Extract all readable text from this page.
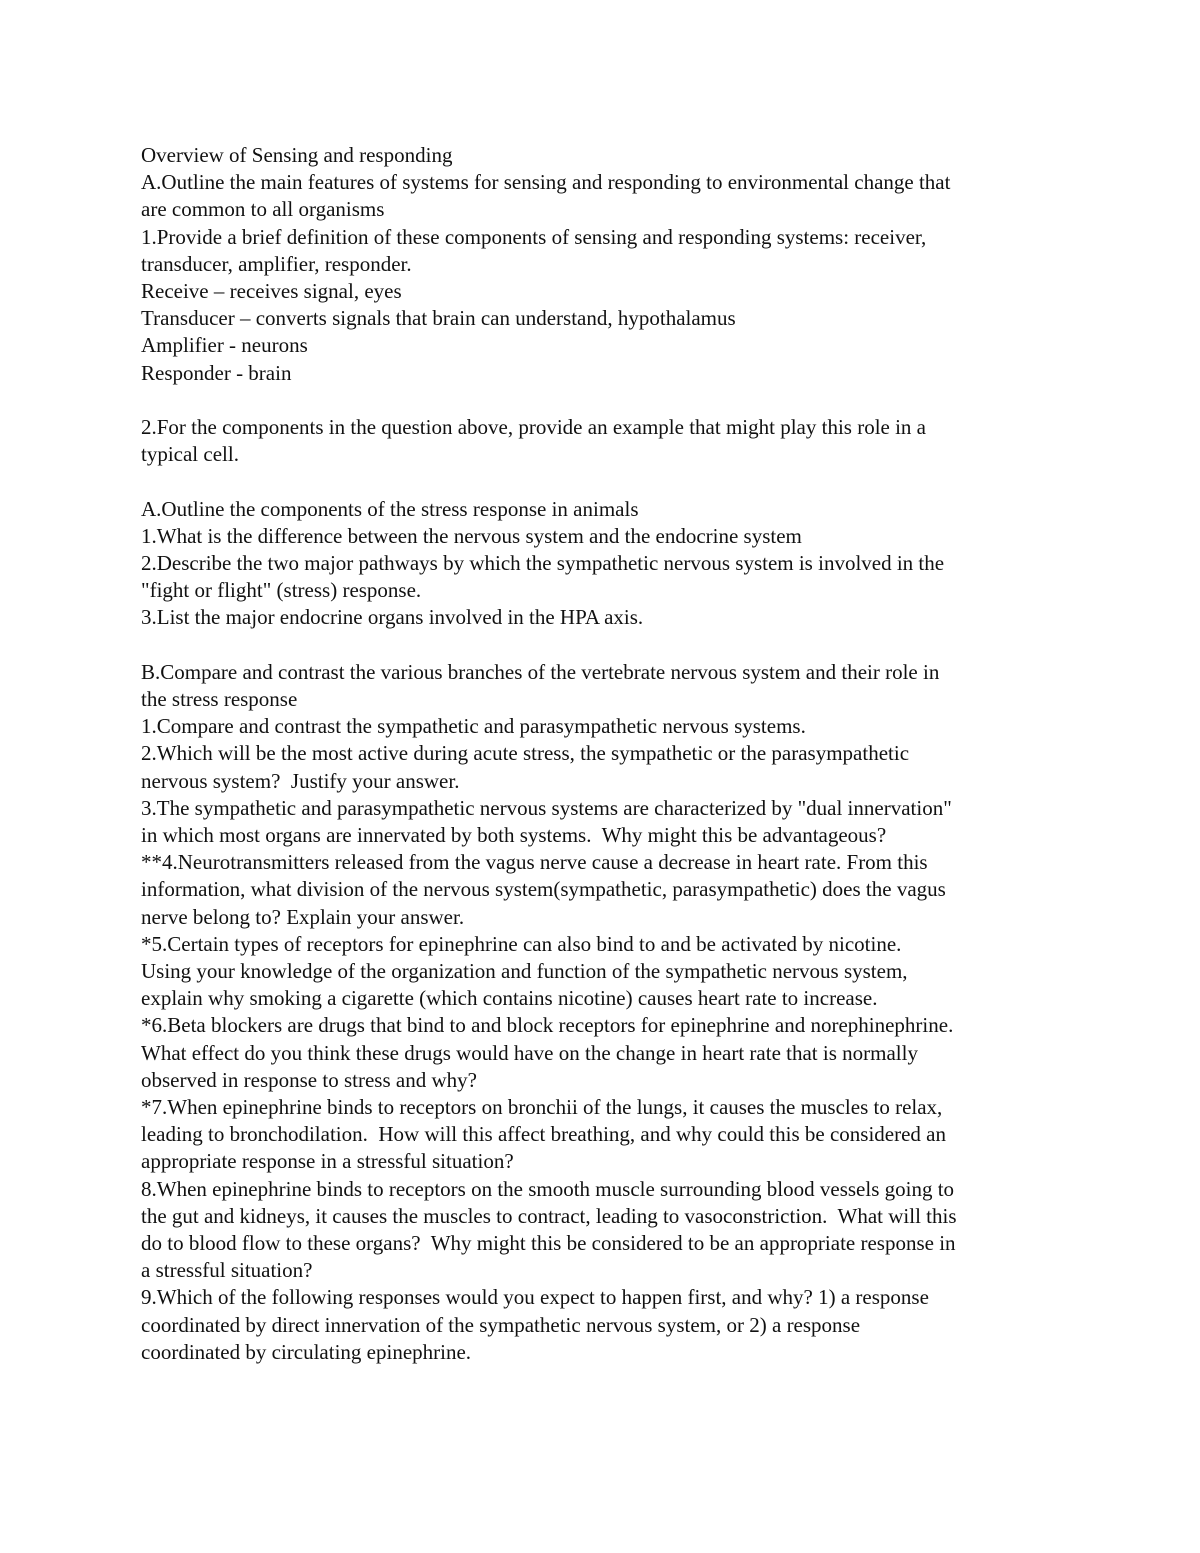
Overview of Sensing and responding
A.Outline the main features of systems for sensing and responding to environmental change that
are common to all organisms
1.Provide a brief definition of these components of sensing and responding systems: receiver,
transducer, amplifier, responder.
Receive – receives signal, eyes
Transducer – converts signals that brain can understand, hypothalamus
Amplifier - neurons
Responder - brain
2.For the components in the question above, provide an example that might play this role in a
typical cell.
A.Outline the components of the stress response in animals
1.What is the difference between the nervous system and the endocrine system
2.Describe the two major pathways by which the sympathetic nervous system is involved in the
"fight or flight" (stress) response.
3.List the major endocrine organs involved in the HPA axis.
B.Compare and contrast the various branches of the vertebrate nervous system and their role in
the stress response
1.Compare and contrast the sympathetic and parasympathetic nervous systems.
2.Which will be the most active during acute stress, the sympathetic or the parasympathetic
nervous system?  Justify your answer.
3.The sympathetic and parasympathetic nervous systems are characterized by "dual innervation"
in which most organs are innervated by both systems.  Why might this be advantageous?
**4.Neurotransmitters released from the vagus nerve cause a decrease in heart rate. From this
information, what division of the nervous system(sympathetic, parasympathetic) does the vagus
nerve belong to? Explain your answer.
*5.Certain types of receptors for epinephrine can also bind to and be activated by nicotine.
Using your knowledge of the organization and function of the sympathetic nervous system,
explain why smoking a cigarette (which contains nicotine) causes heart rate to increase.
*6.Beta blockers are drugs that bind to and block receptors for epinephrine and norephinephrine.
What effect do you think these drugs would have on the change in heart rate that is normally
observed in response to stress and why?
*7.When epinephrine binds to receptors on bronchii of the lungs, it causes the muscles to relax,
leading to bronchodilation.  How will this affect breathing, and why could this be considered an
appropriate response in a stressful situation?
8.When epinephrine binds to receptors on the smooth muscle surrounding blood vessels going to
the gut and kidneys, it causes the muscles to contract, leading to vasoconstriction.  What will this
do to blood flow to these organs?  Why might this be considered to be an appropriate response in
a stressful situation?
9.Which of the following responses would you expect to happen first, and why? 1) a response
coordinated by direct innervation of the sympathetic nervous system, or 2) a response
coordinated by circulating epinephrine.
